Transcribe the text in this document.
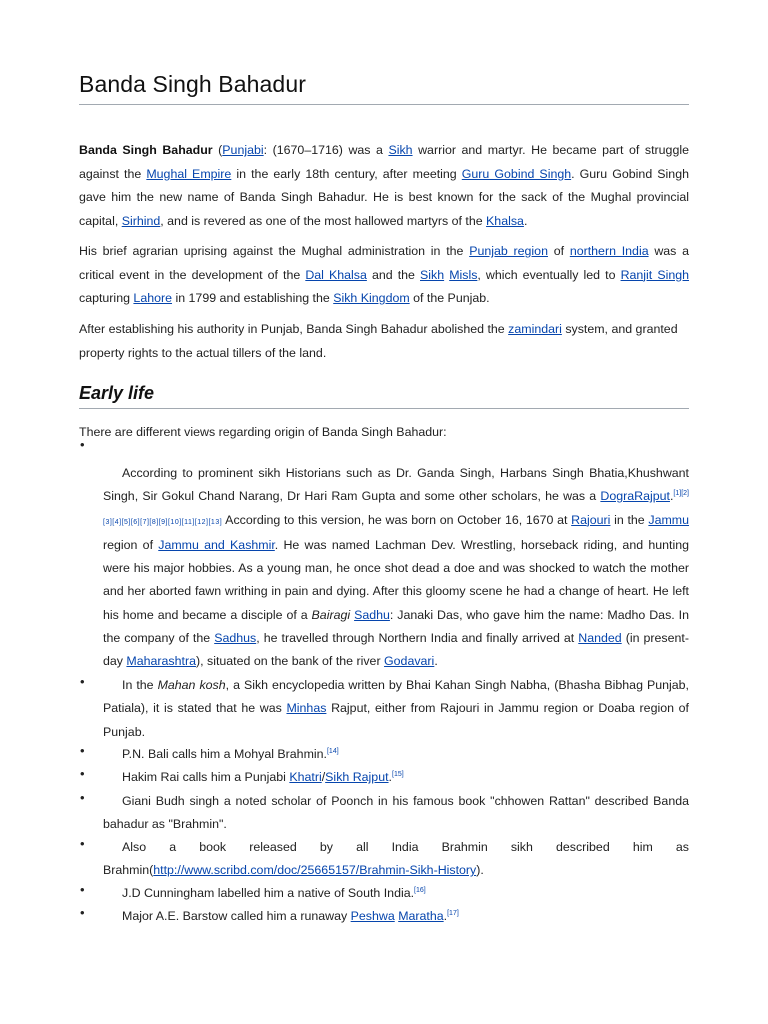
Banda Singh Bahadur

Banda Singh Bahadur (Punjabi: (1670–1716) was a Sikh warrior and martyr. He became part of struggle against the Mughal Empire in the early 18th century, after meeting Guru Gobind Singh. Guru Gobind Singh gave him the new name of Banda Singh Bahadur. He is best known for the sack of the Mughal provincial capital, Sirhind, and is revered as one of the most hallowed martyrs of the Khalsa.

His brief agrarian uprising against the Mughal administration in the Punjab region of northern India was a critical event in the development of the Dal Khalsa and the Sikh Misls, which eventually led to Ranjit Singh capturing Lahore in 1799 and establishing the Sikh Kingdom of the Punjab.

After establishing his authority in Punjab, Banda Singh Bahadur abolished the zamindari system, and granted property rights to the actual tillers of the land.

Early life

There are different views regarding origin of Banda Singh Bahadur:

•
According to prominent sikh Historians such as Dr. Ganda Singh, Harbans Singh Bhatia,Khushwant Singh, Sir Gokul Chand Narang, Dr Hari Ram Gupta and some other scholars, he was a DograRajput.[1][2] [3][4][5][6][7][8][9][10][11][12][13] According to this version, he was born on October 16, 1670 at Rajouri in the Jammu region of Jammu and Kashmir. He was named Lachman Dev. Wrestling, horseback riding, and hunting were his major hobbies. As a young man, he once shot dead a doe and was shocked to watch the mother and her aborted fawn writhing in pain and dying. After this gloomy scene he had a change of heart. He left his home and became a disciple of a Bairagi Sadhu: Janaki Das, who gave him the name: Madho Das. In the company of the Sadhus, he travelled through Northern India and finally arrived at Nanded (in present-day Maharashtra), situated on the bank of the river Godavari.
•	In the Mahan kosh, a Sikh encyclopedia written by Bhai Kahan Singh Nabha, (Bhasha Bibhag Punjab, Patiala), it is stated that he was Minhas Rajput, either from Rajouri in Jammu region or Doaba region of Punjab.
•	P.N. Bali calls him a Mohyal Brahmin.[14]
•	Hakim Rai calls him a Punjabi Khatri/Sikh Rajput.[15]
•	Giani Budh singh a noted scholar of Poonch in his famous book "chhowen Rattan" described Banda bahadur as "Brahmin".
•	Also a book released by all India Brahmin sikh described him as Brahmin(http://www.scribd.com/doc/25665157/Brahmin-Sikh-History).
•	J.D Cunningham labelled him a native of South India.[16]
•	Major A.E. Barstow called him a runaway Peshwa Maratha.[17]
